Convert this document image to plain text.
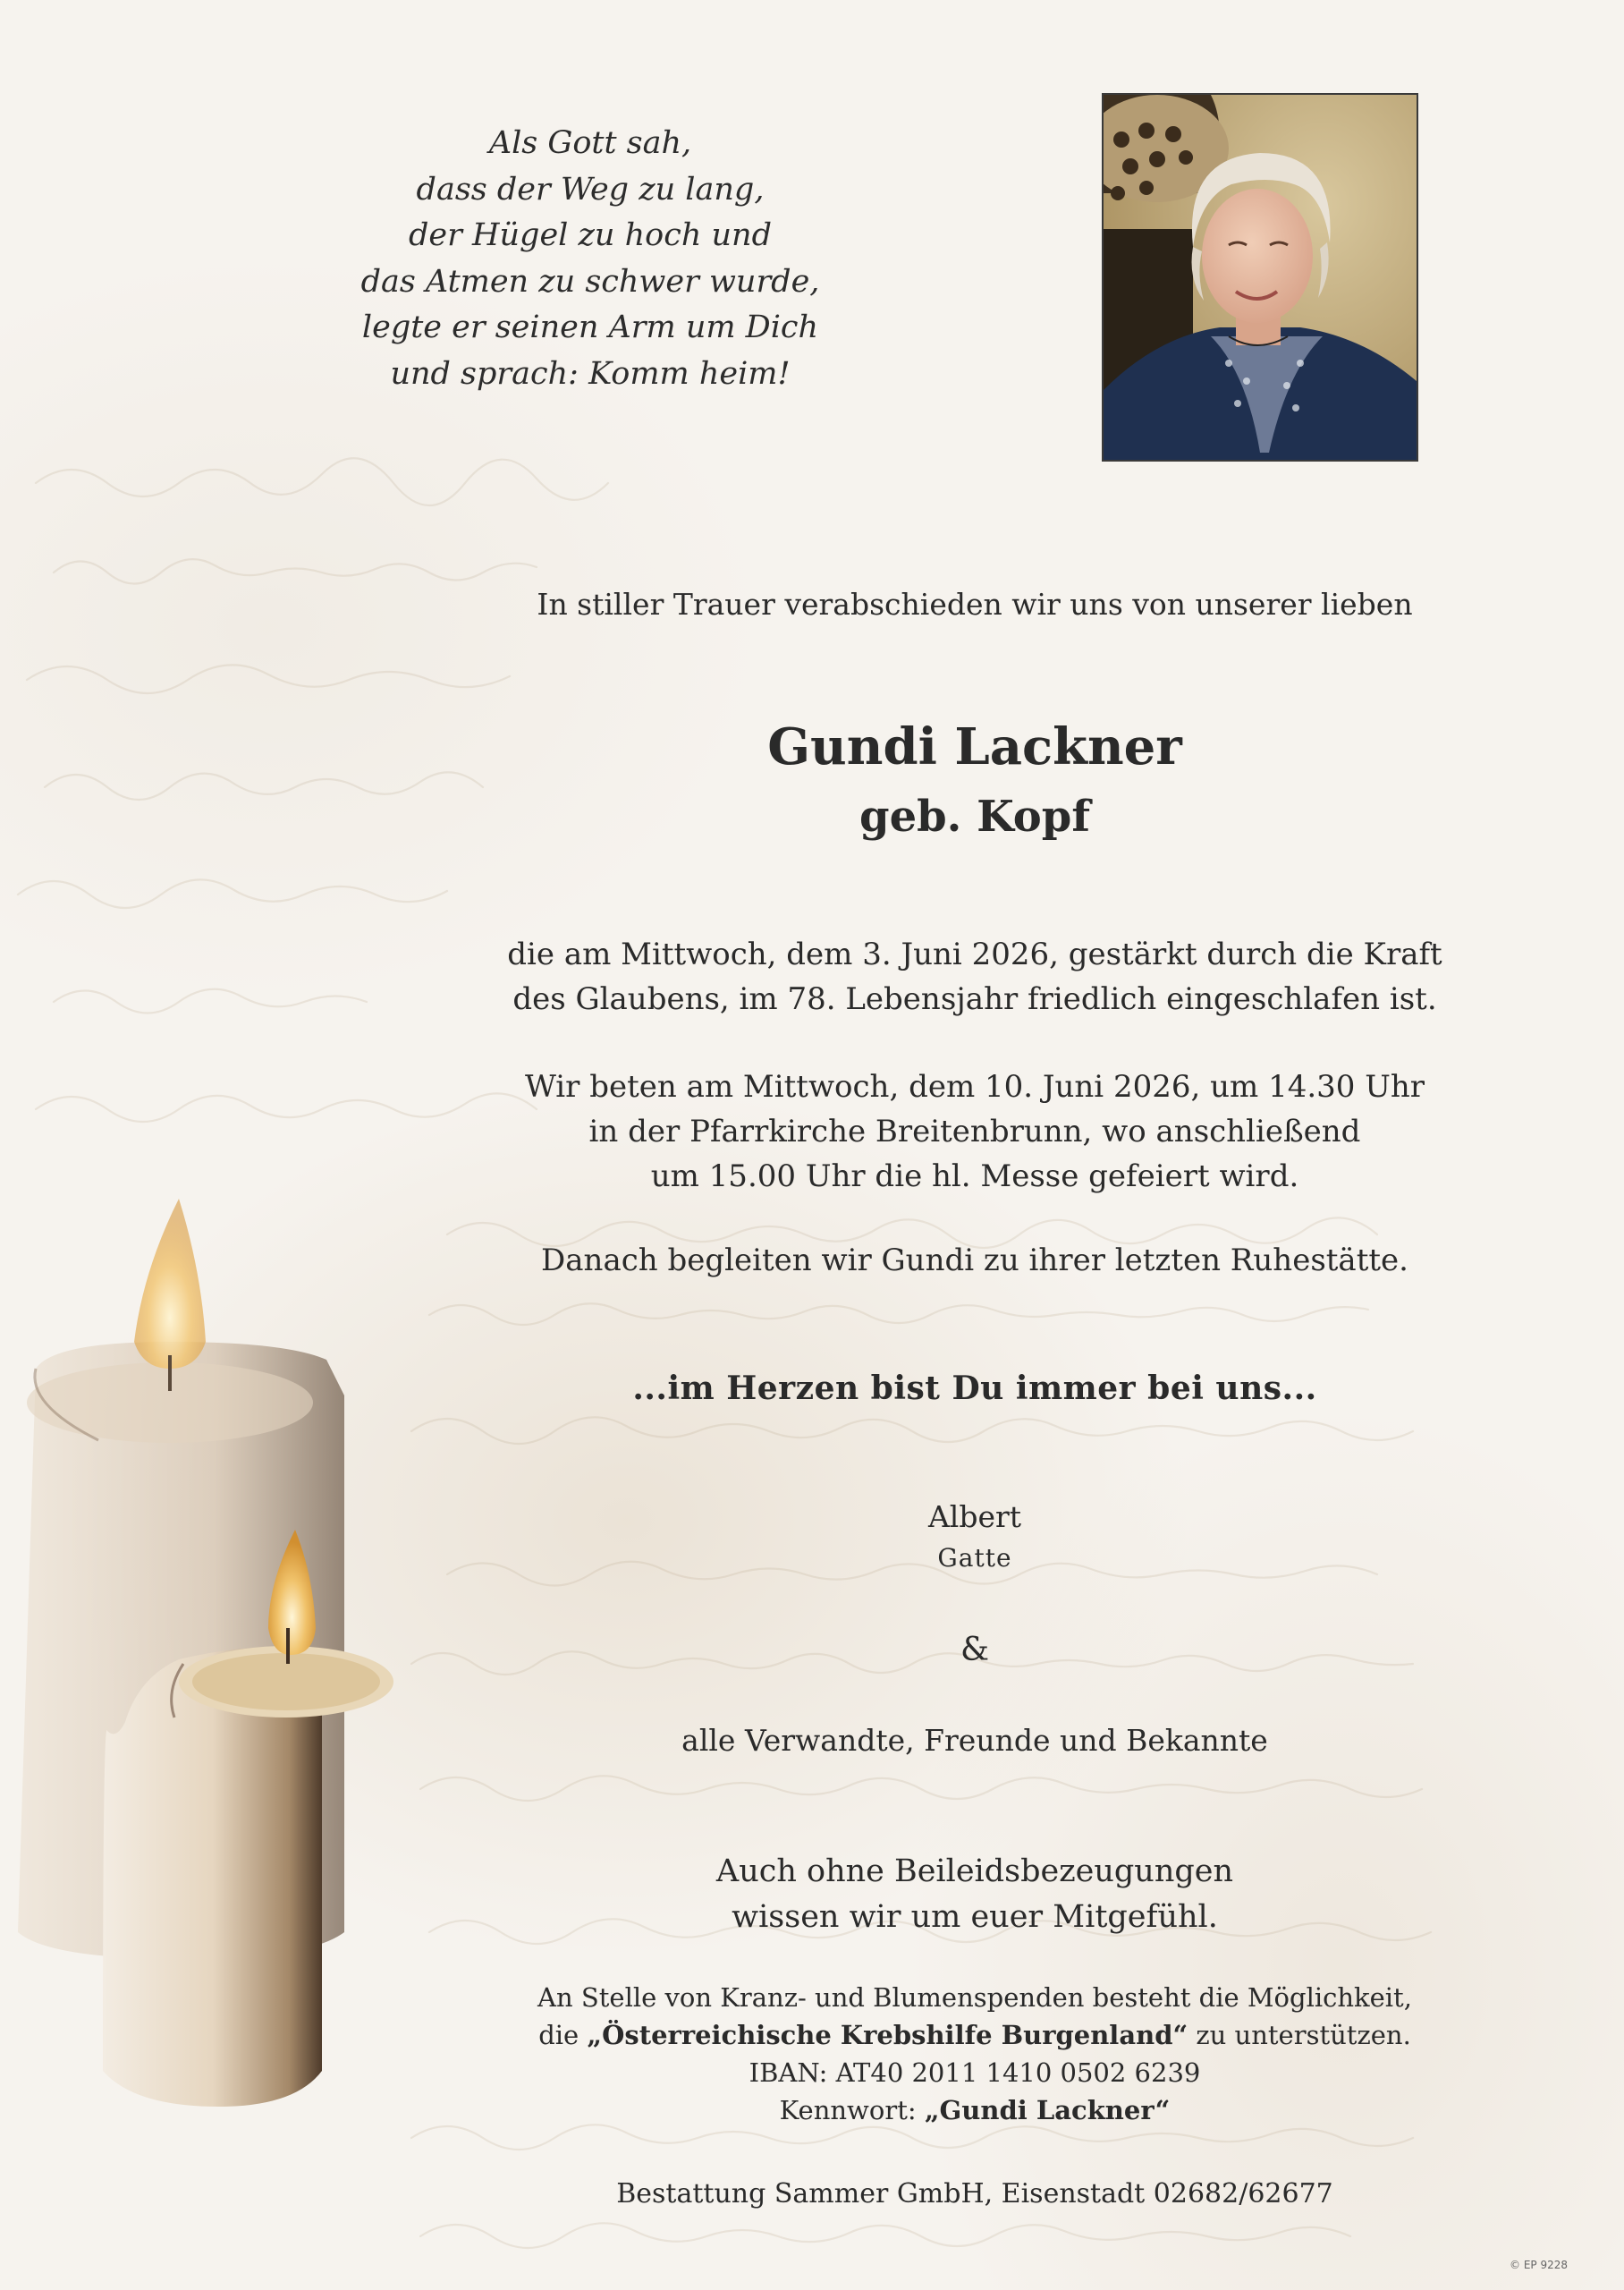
Als Gott sah,
dass der Weg zu lang,
der Hügel zu hoch und
das Atmen zu schwer wurde,
legte er seinen Arm um Dich
und sprach: Komm heim!
In stiller Trauer verabschieden wir uns von unserer lieben
Gundi Lackner
geb. Kopf
die am Mittwoch, dem 3. Juni 2026, gestärkt durch die Kraft
des Glaubens, im 78. Lebensjahr friedlich eingeschlafen ist.
Wir beten am Mittwoch, dem 10. Juni 2026, um 14.30 Uhr
in der Pfarrkirche Breitenbrunn, wo anschließend
um 15.00 Uhr die hl. Messe gefeiert wird.
Danach begleiten wir Gundi zu ihrer letzten Ruhestätte.
...im Herzen bist Du immer bei uns...
Albert
Gatte
&
alle Verwandte, Freunde und Bekannte
Auch ohne Beileidsbezeugungen
wissen wir um euer Mitgefühl.
An Stelle von Kranz- und Blumenspenden besteht die Möglichkeit,
die „Österreichische Krebshilfe Burgenland“ zu unterstützen.
IBAN: AT40 2011 1410 0502 6239
Kennwort: „Gundi Lackner“
Bestattung Sammer GmbH, Eisenstadt 02682/62677
© EP 9228
